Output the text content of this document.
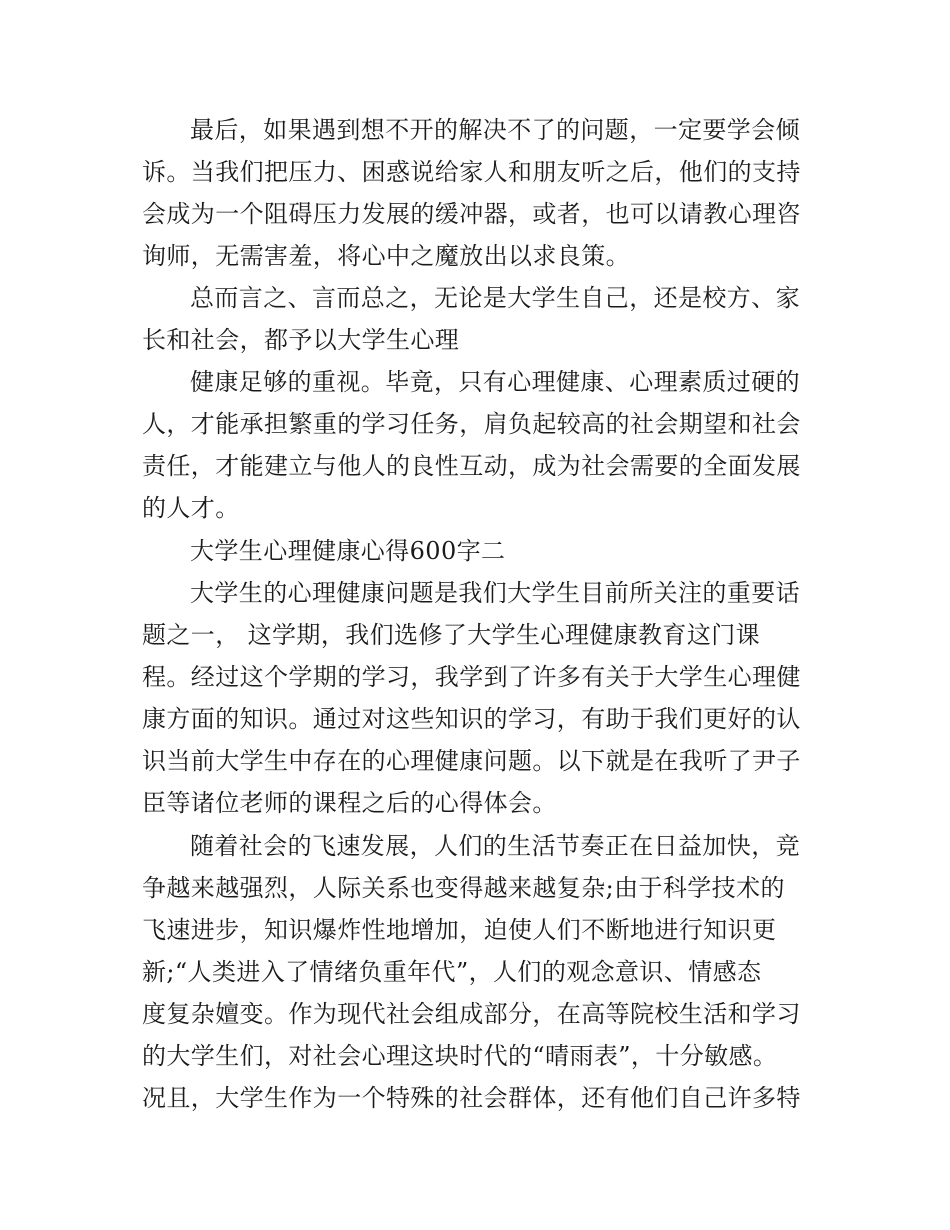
最后，如果遇到想不开的解决不了的问题，一定要学会倾
诉。当我们把压力、困惑说给家人和朋友听之后，他们的支持
会成为一个阻碍压力发展的缓冲器，或者，也可以请教心理咨
询师，无需害羞，将心中之魔放出以求良策。
总而言之、言而总之，无论是大学生自己，还是校方、家
长和社会，都予以大学生心理
健康足够的重视。毕竟，只有心理健康、心理素质过硬的
人，才能承担繁重的学习任务，肩负起较高的社会期望和社会
责任，才能建立与他人的良性互动，成为社会需要的全面发展
的人才。
大学生心理健康心得600字二
大学生的心理健康问题是我们大学生目前所关注的重要话
题之一， 这学期，我们选修了大学生心理健康教育这门课
程。经过这个学期的学习，我学到了许多有关于大学生心理健
康方面的知识。通过对这些知识的学习，有助于我们更好的认
识当前大学生中存在的心理健康问题。以下就是在我听了尹子
臣等诸位老师的课程之后的心得体会。
随着社会的飞速发展，人们的生活节奏正在日益加快，竞
争越来越强烈，人际关系也变得越来越复杂;由于科学技术的
飞速进步，知识爆炸性地增加，迫使人们不断地进行知识更
新;“人类进入了情绪负重年代”，人们的观念意识、情感态
度复杂嬗变。作为现代社会组成部分，在高等院校生活和学习
的大学生们，对社会心理这块时代的“晴雨表”，十分敏感。
况且，大学生作为一个特殊的社会群体，还有他们自己许多特
